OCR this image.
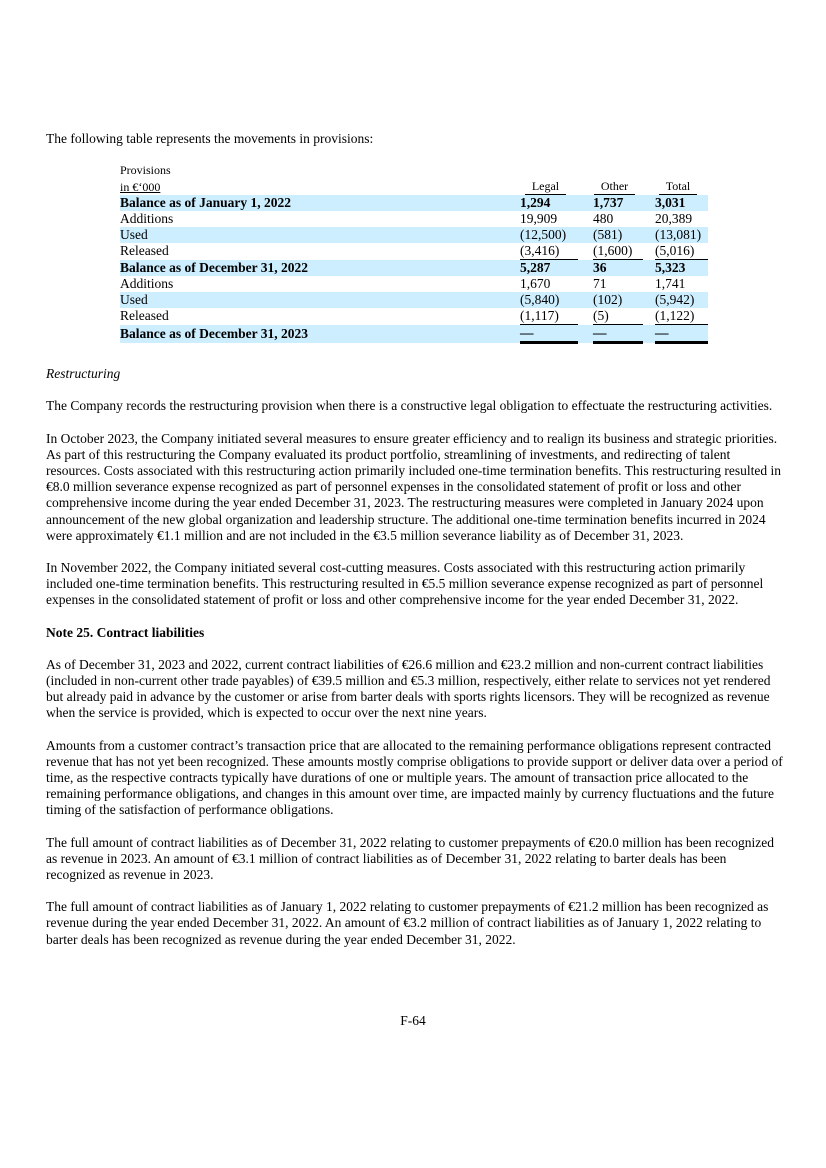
The following table represents the movements in provisions:

Provisions					
in €‘000	Legal		Other		Total
Balance as of January 1, 2022	1,294		1,737		3,031
Additions	19,909		480		20,389
Used	(12,500)		(581)		(13,081)
Released	(3,416)		(1,600)		(5,016)
Balance as of December 31, 2022	5,287		36		5,323
Additions	1,670		71		1,741
Used	(5,840)		(102)		(5,942)
Released	(1,117)		(5)		(1,122)
Balance as of December 31, 2023	—		—		—

Restructuring

The Company records the restructuring provision when there is a constructive legal obligation to effectuate the restructuring activities.

In October 2023, the Company initiated several measures to ensure greater efficiency and to realign its business and strategic priorities. As part of this restructuring the Company evaluated its product portfolio, streamlining of investments, and redirecting of talent resources. Costs associated with this restructuring action primarily included one-time termination benefits. This restructuring resulted in €8.0 million severance expense recognized as part of personnel expenses in the consolidated statement of profit or loss and other comprehensive income during the year ended December 31, 2023. The restructuring measures were completed in January 2024 upon announcement of the new global organization and leadership structure. The additional one-time termination benefits incurred in 2024 were approximately €1.1 million and are not included in the €3.5 million severance liability as of December 31, 2023.

In November 2022, the Company initiated several cost-cutting measures. Costs associated with this restructuring action primarily included one-time termination benefits. This restructuring resulted in €5.5 million severance expense recognized as part of personnel expenses in the consolidated statement of profit or loss and other comprehensive income for the year ended December 31, 2022.

Note 25. Contract liabilities

As of December 31, 2023 and 2022, current contract liabilities of €26.6 million and €23.2 million and non-current contract liabilities (included in non-current other trade payables) of €39.5 million and €5.3 million, respectively, either relate to services not yet rendered but already paid in advance by the customer or arise from barter deals with sports rights licensors. They will be recognized as revenue when the service is provided, which is expected to occur over the next nine years.

Amounts from a customer contract’s transaction price that are allocated to the remaining performance obligations represent contracted revenue that has not yet been recognized. These amounts mostly comprise obligations to provide support or deliver data over a period of time, as the respective contracts typically have durations of one or multiple years. The amount of transaction price allocated to the remaining performance obligations, and changes in this amount over time, are impacted mainly by currency fluctuations and the future timing of the satisfaction of performance obligations.

The full amount of contract liabilities as of December 31, 2022 relating to customer prepayments of €20.0 million has been recognized as revenue in 2023. An amount of €3.1 million of contract liabilities as of December 31, 2022 relating to barter deals has been recognized as revenue in 2023.

The full amount of contract liabilities as of January 1, 2022 relating to customer prepayments of €21.2 million has been recognized as revenue during the year ended December 31, 2022. An amount of €3.2 million of contract liabilities as of January 1, 2022 relating to barter deals has been recognized as revenue during the year ended December 31, 2022.

F-64
